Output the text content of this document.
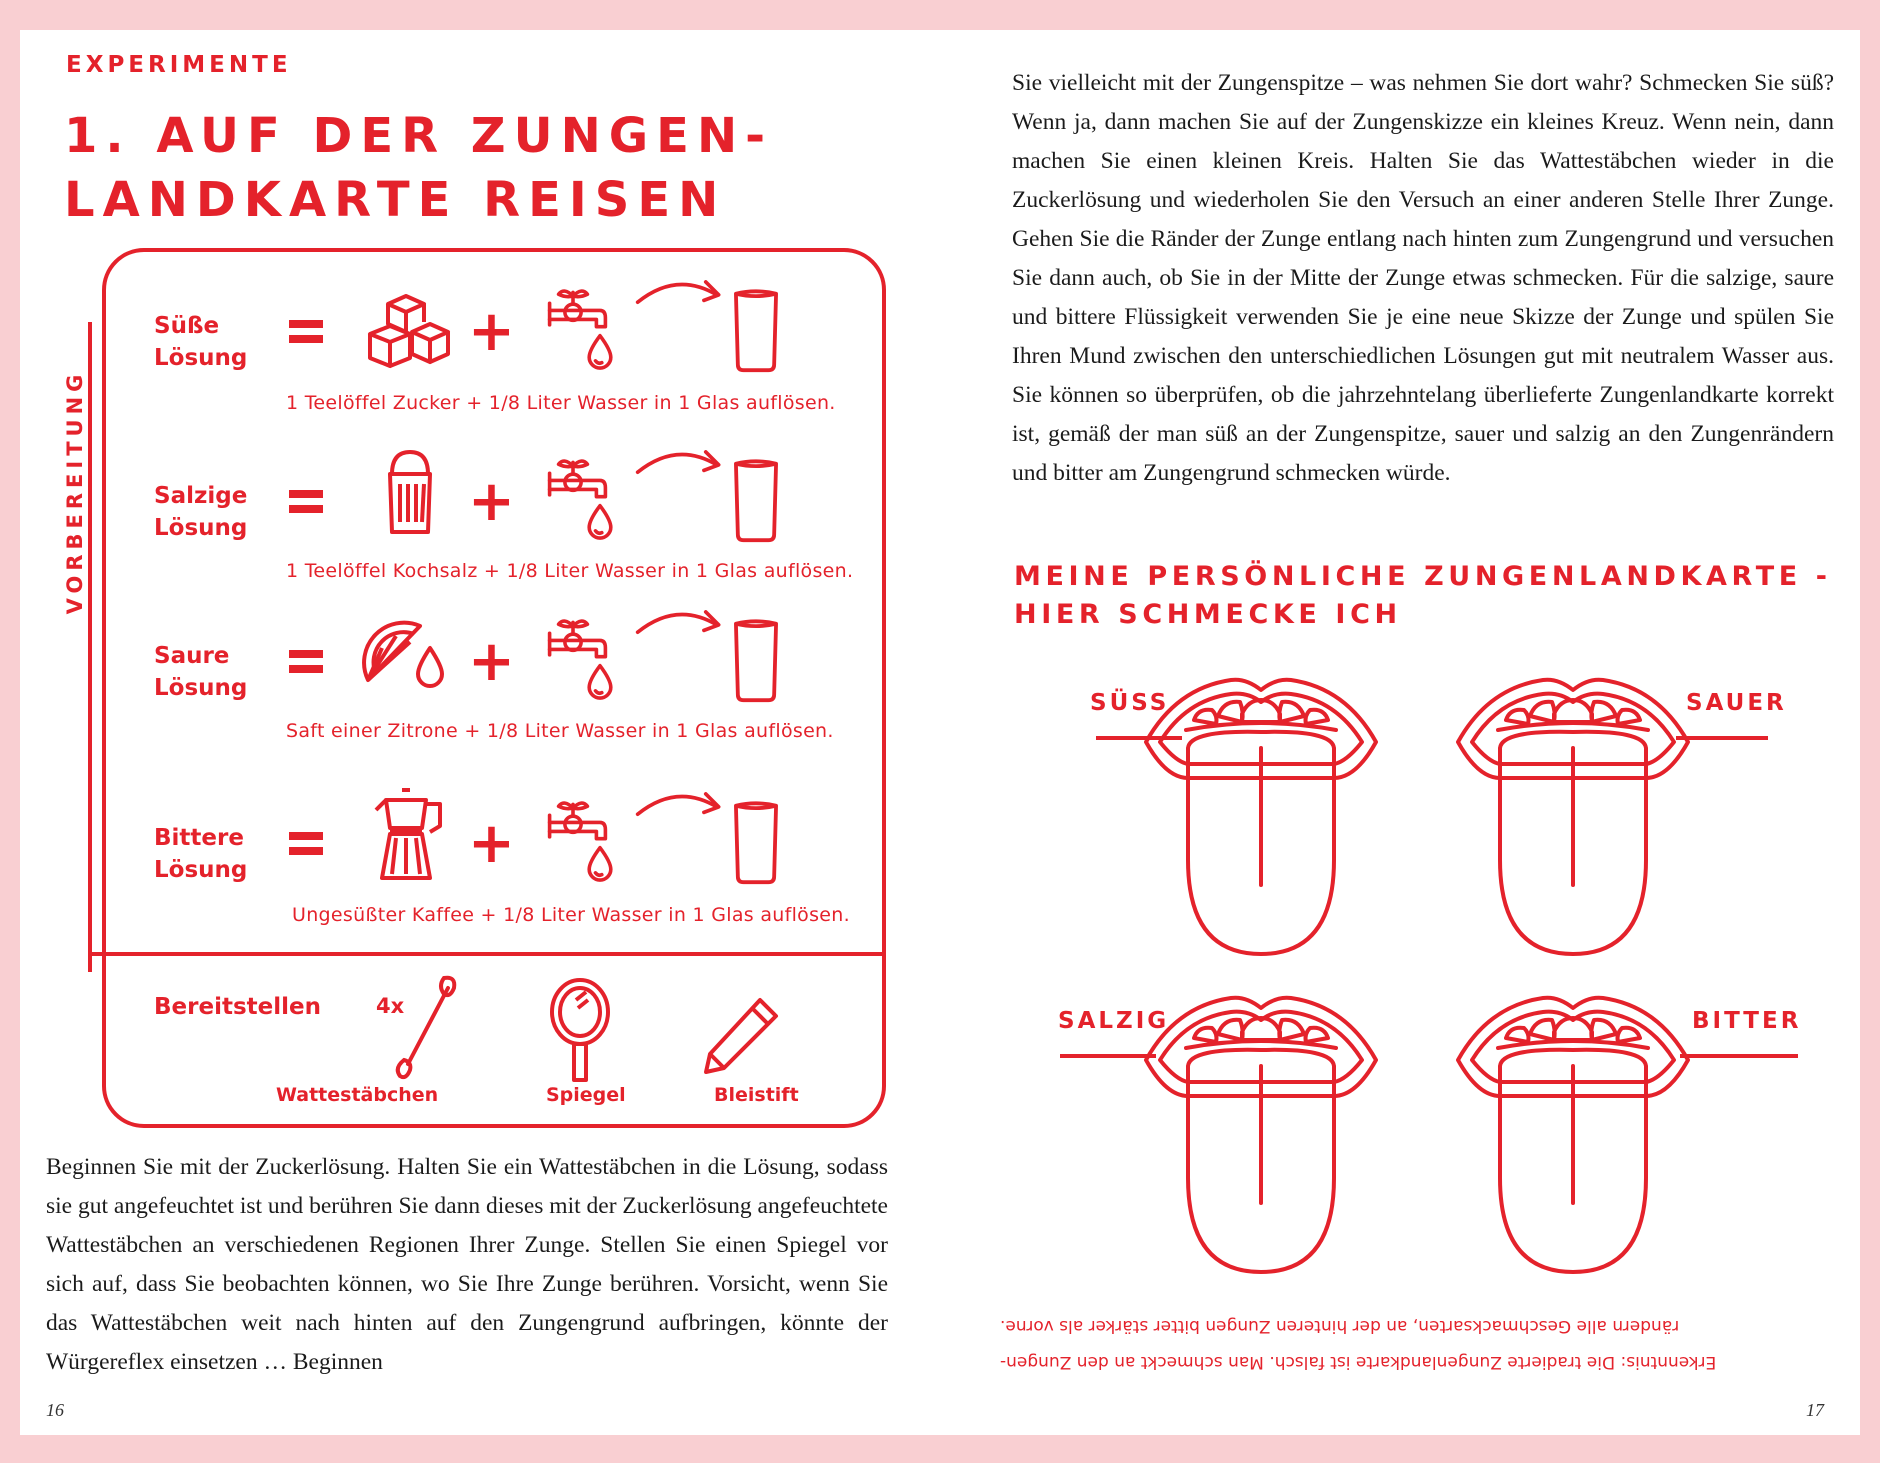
EXPERIMENTE
1. AUF DER ZUNGEN-
LANDKARTE REISEN
VORBEREITUNG
Süße
Lösung	+
1 Teelöffel Zucker + 1/8 Liter Wasser in 1 Glas auflösen.
Salzige
Lösung	+
1 Teelöffel Kochsalz + 1/8 Liter Wasser in 1 Glas auflösen.
Saure
Lösung	+
Saft einer Zitrone + 1/8 Liter Wasser in 1 Glas auflösen.
Bittere
Lösung	+
Ungesüßter Kaffee + 1/8 Liter Wasser in 1 Glas auflösen.
Bereitstellen	4x
Wattestäbchen	Spiegel	Bleistift

Beginnen Sie mit der Zuckerlösung. Halten Sie ein Wattestäbchen in die Lösung, sodass sie gut angefeuchtet ist und berühren Sie dann dieses mit der Zuckerlösung angefeuchtete Wattestäbchen an verschiedenen Regionen Ihrer Zunge. Stellen Sie einen Spiegel vor sich auf, dass Sie beobachten können, wo Sie Ihre Zunge berühren. Vorsicht, wenn Sie das Wattestäbchen weit nach hinten auf den Zungengrund aufbringen, könnte der Würgereflex einsetzen … Beginnen

16

Sie vielleicht mit der Zungenspitze – was nehmen Sie dort wahr? Schmecken Sie süß? Wenn ja, dann machen Sie auf der Zungenskizze ein kleines Kreuz. Wenn nein, dann machen Sie einen kleinen Kreis. Halten Sie das Wattestäbchen wieder in die Zuckerlösung und wiederholen Sie den Versuch an einer anderen Stelle Ihrer Zunge. Gehen Sie die Ränder der Zunge entlang nach hinten zum Zungengrund und versuchen Sie dann auch, ob Sie in der Mitte der Zunge etwas schmecken. Für die salzige, saure und bittere Flüssigkeit verwenden Sie je eine neue Skizze der Zunge und spülen Sie Ihren Mund zwischen den unterschiedlichen Lösungen gut mit neutralem Wasser aus. Sie können so überprüfen, ob die jahrzehntelang überlieferte Zungenlandkarte korrekt ist, gemäß der man süß an der Zungenspitze, sauer und salzig an den Zungenrändern und bitter am Zungengrund schmecken würde.

MEINE PERSÖNLICHE ZUNGENLANDKARTE -
HIER SCHMECKE ICH
SÜSS	SAUER
SALZIG	BITTER
Erkenntnis: Die tradierte Zungenlandkarte ist falsch. Man schmeckt an den Zungen-
rändern alle Geschmacksarten, an der hinteren Zungen bitter stärker als vorne.
17
